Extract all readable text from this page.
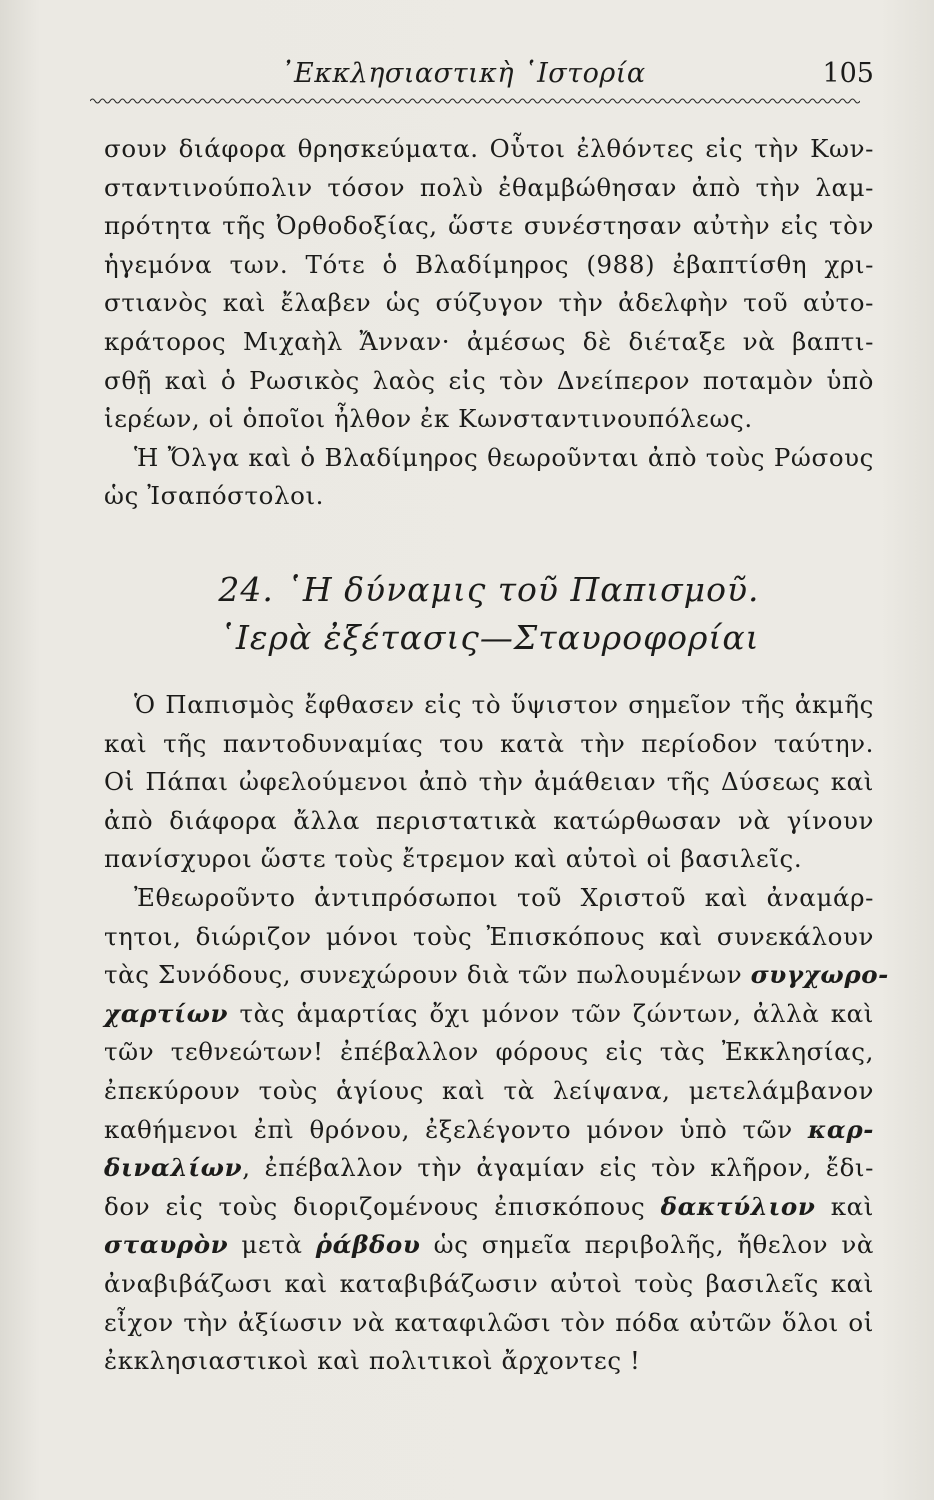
᾿Εκκλησιαστικὴ ῾Ιστορία	105
σουν διάφορα θρησκεύματα. Οὗτοι ἐλθόντες εἰς τὴν Κων-
σταντινούπολιν τόσον πολὺ ἐθαμβώθησαν ἀπὸ τὴν λαμ-
πρότητα τῆς Ὀρθοδοξίας, ὥστε συνέστησαν αὐτὴν εἰς τὸν
ἡγεμόνα των. Τότε ὁ Βλαδίμηρος (988) ἐβαπτίσθη χρι-
στιανὸς καὶ ἔλαβεν ὡς σύζυγον τὴν ἀδελφὴν τοῦ αὐτο-
κράτορος Μιχαὴλ Ἄνναν· ἀμέσως δὲ διέταξε νὰ βαπτι-
σθῇ καὶ ὁ Ρωσικὸς λαὸς εἰς τὸν Δνείπερον ποταμὸν ὑπὸ
ἱερέων, οἱ ὁποῖοι ἦλθον ἐκ Κωνσταντινουπόλεως.
Ἡ Ὄλγα καὶ ὁ Βλαδίμηρος θεωροῦνται ἀπὸ τοὺς Ρώσους
ὡς Ἰσαπόστολοι.
24. ῾Η δύναμις τοῦ Παπισμοῦ.
῾Ιερὰ ἐξέτασις—Σταυροφορίαι
Ὁ Παπισμὸς ἔφθασεν εἰς τὸ ὕψιστον σημεῖον τῆς ἀκμῆς
καὶ τῆς παντοδυναμίας του κατὰ τὴν περίοδον ταύτην.
Οἱ Πάπαι ὠφελούμενοι ἀπὸ τὴν ἀμάθειαν τῆς Δύσεως καὶ
ἀπὸ διάφορα ἄλλα περιστατικὰ κατώρθωσαν νὰ γίνουν
πανίσχυροι ὥστε τοὺς ἔτρεμον καὶ αὐτοὶ οἱ βασιλεῖς.
Ἐθεωροῦντο ἀντιπρόσωποι τοῦ Χριστοῦ καὶ ἀναμάρ-
τητοι, διώριζον μόνοι τοὺς Ἐπισκόπους καὶ συνεκάλουν
τὰς Συνόδους, συνεχώρουν διὰ τῶν πωλουμένων συγχωρο-
χαρτίων τὰς ἁμαρτίας ὄχι μόνον τῶν ζώντων, ἀλλὰ καὶ
τῶν τεθνεώτων! ἐπέβαλλον φόρους εἰς τὰς Ἐκκλησίας,
ἐπεκύρουν τοὺς ἁγίους καὶ τὰ λείψανα, μετελάμβανον
καθήμενοι ἐπὶ θρόνου, ἐξελέγοντο μόνον ὑπὸ τῶν καρ-
διναλίων, ἐπέβαλλον τὴν ἀγαμίαν εἰς τὸν κλῆρον, ἔδι-
δον εἰς τοὺς διοριζομένους ἐπισκόπους δακτύλιον καὶ
σταυρὸν μετὰ ῥάβδου ὡς σημεῖα περιβολῆς, ἤθελον νὰ
ἀναβιβάζωσι καὶ καταβιβάζωσιν αὐτοὶ τοὺς βασιλεῖς καὶ
εἶχον τὴν ἀξίωσιν νὰ καταφιλῶσι τὸν πόδα αὐτῶν ὅλοι οἱ
ἐκκλησιαστικοὶ καὶ πολιτικοὶ ἄρχοντες !
